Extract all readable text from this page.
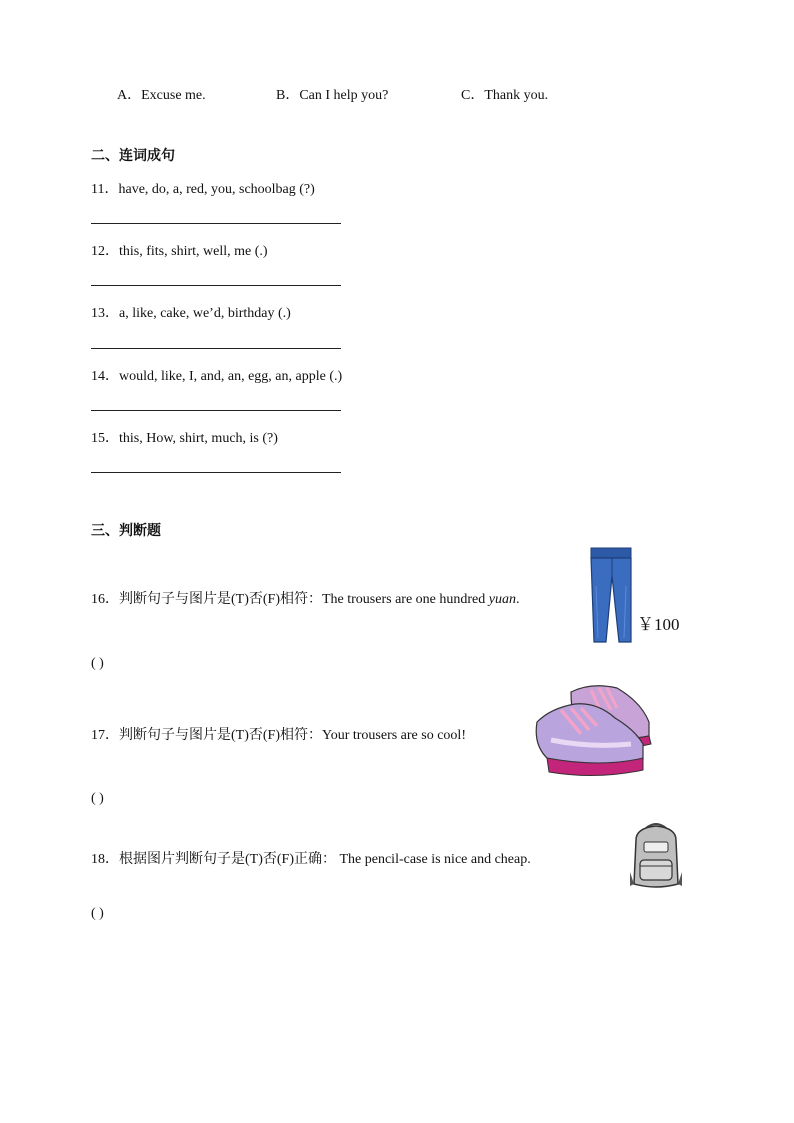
A．Excuse me.	B．Can I help you?	C．Thank you.
二、连词成句
11．have, do, a, red, you, schoolbag (?)
12．this, fits, shirt, well, me (.)
13．a, like, cake, we’d, birthday (.)
14．would, like, I, and, an, egg, an, apple (.)
15．this, How, shirt, much, is (?)
三、判断题
16．判断句子与图片是(T)否(F)相符：The trousers are one hundred yuan.
￥100
( )
17．判断句子与图片是(T)否(F)相符：Your trousers are so cool!
( )
18．根据图片判断句子是(T)否(F)正确： The pencil-case is nice and cheap.
( )
